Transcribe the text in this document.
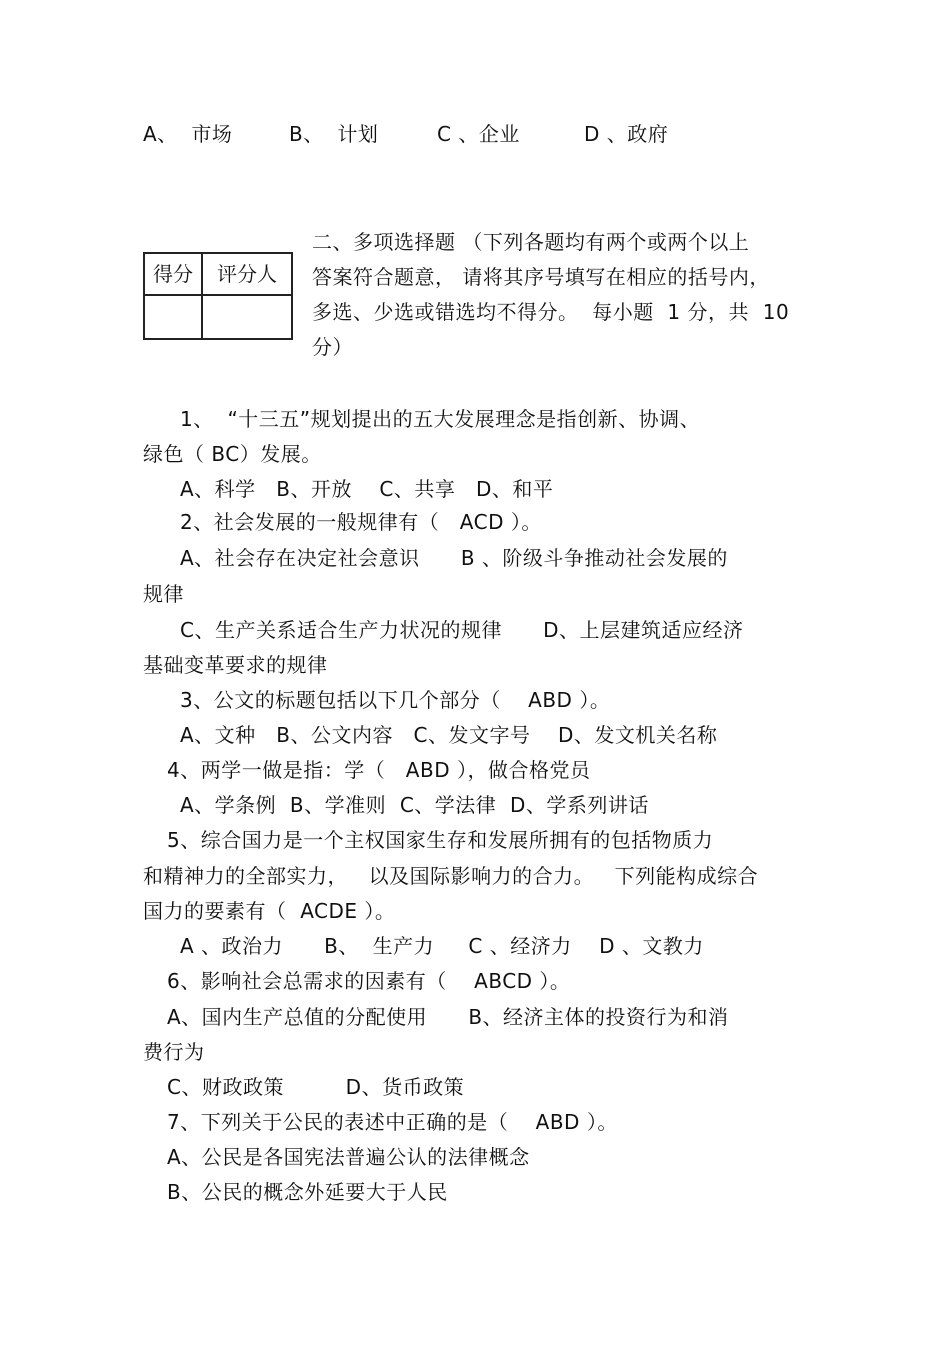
A、  市场	B、  计划	C 、企业	D 、政府
得分	评分人

二、多项选择题 （下列各题均有两个或两个以上
答案符合题意， 请将其序号填写在相应的括号内，
多选、少选或错选均不得分。  每小题  1 分，共  10
分）
1、  “十三五”规划提出的五大发展理念是指创新、协调、
绿色（ BC）发展。
A、科学   B、开放    C、共享   D、和平
2、社会发展的一般规律有（   ACD ）。
A、社会存在决定社会意识      B 、阶级斗争推动社会发展的
规律
C、生产关系适合生产力状况的规律      D、上层建筑适应经济
基础变革要求的规律
3、公文的标题包括以下几个部分（    ABD ）。
A、文种   B、公文内容   C、发文字号    D、发文机关名称
4、两学一做是指：学（   ABD ），做合格党员
A、学条例  B、学准则  C、学法律  D、学系列讲话
5、综合国力是一个主权国家生存和发展所拥有的包括物质力
和精神力的全部实力，   以及国际影响力的合力。   下列能构成综合
国力的要素有（  ACDE ）。
A 、政治力      B、  生产力     C 、经济力    D 、文教力
6、影响社会总需求的因素有（    ABCD ）。
A、国内生产总值的分配使用      B、经济主体的投资行为和消
费行为
C、财政政策         D、货币政策
7、下列关于公民的表述中正确的是（    ABD ）。
A、公民是各国宪法普遍公认的法律概念
B、公民的概念外延要大于人民
